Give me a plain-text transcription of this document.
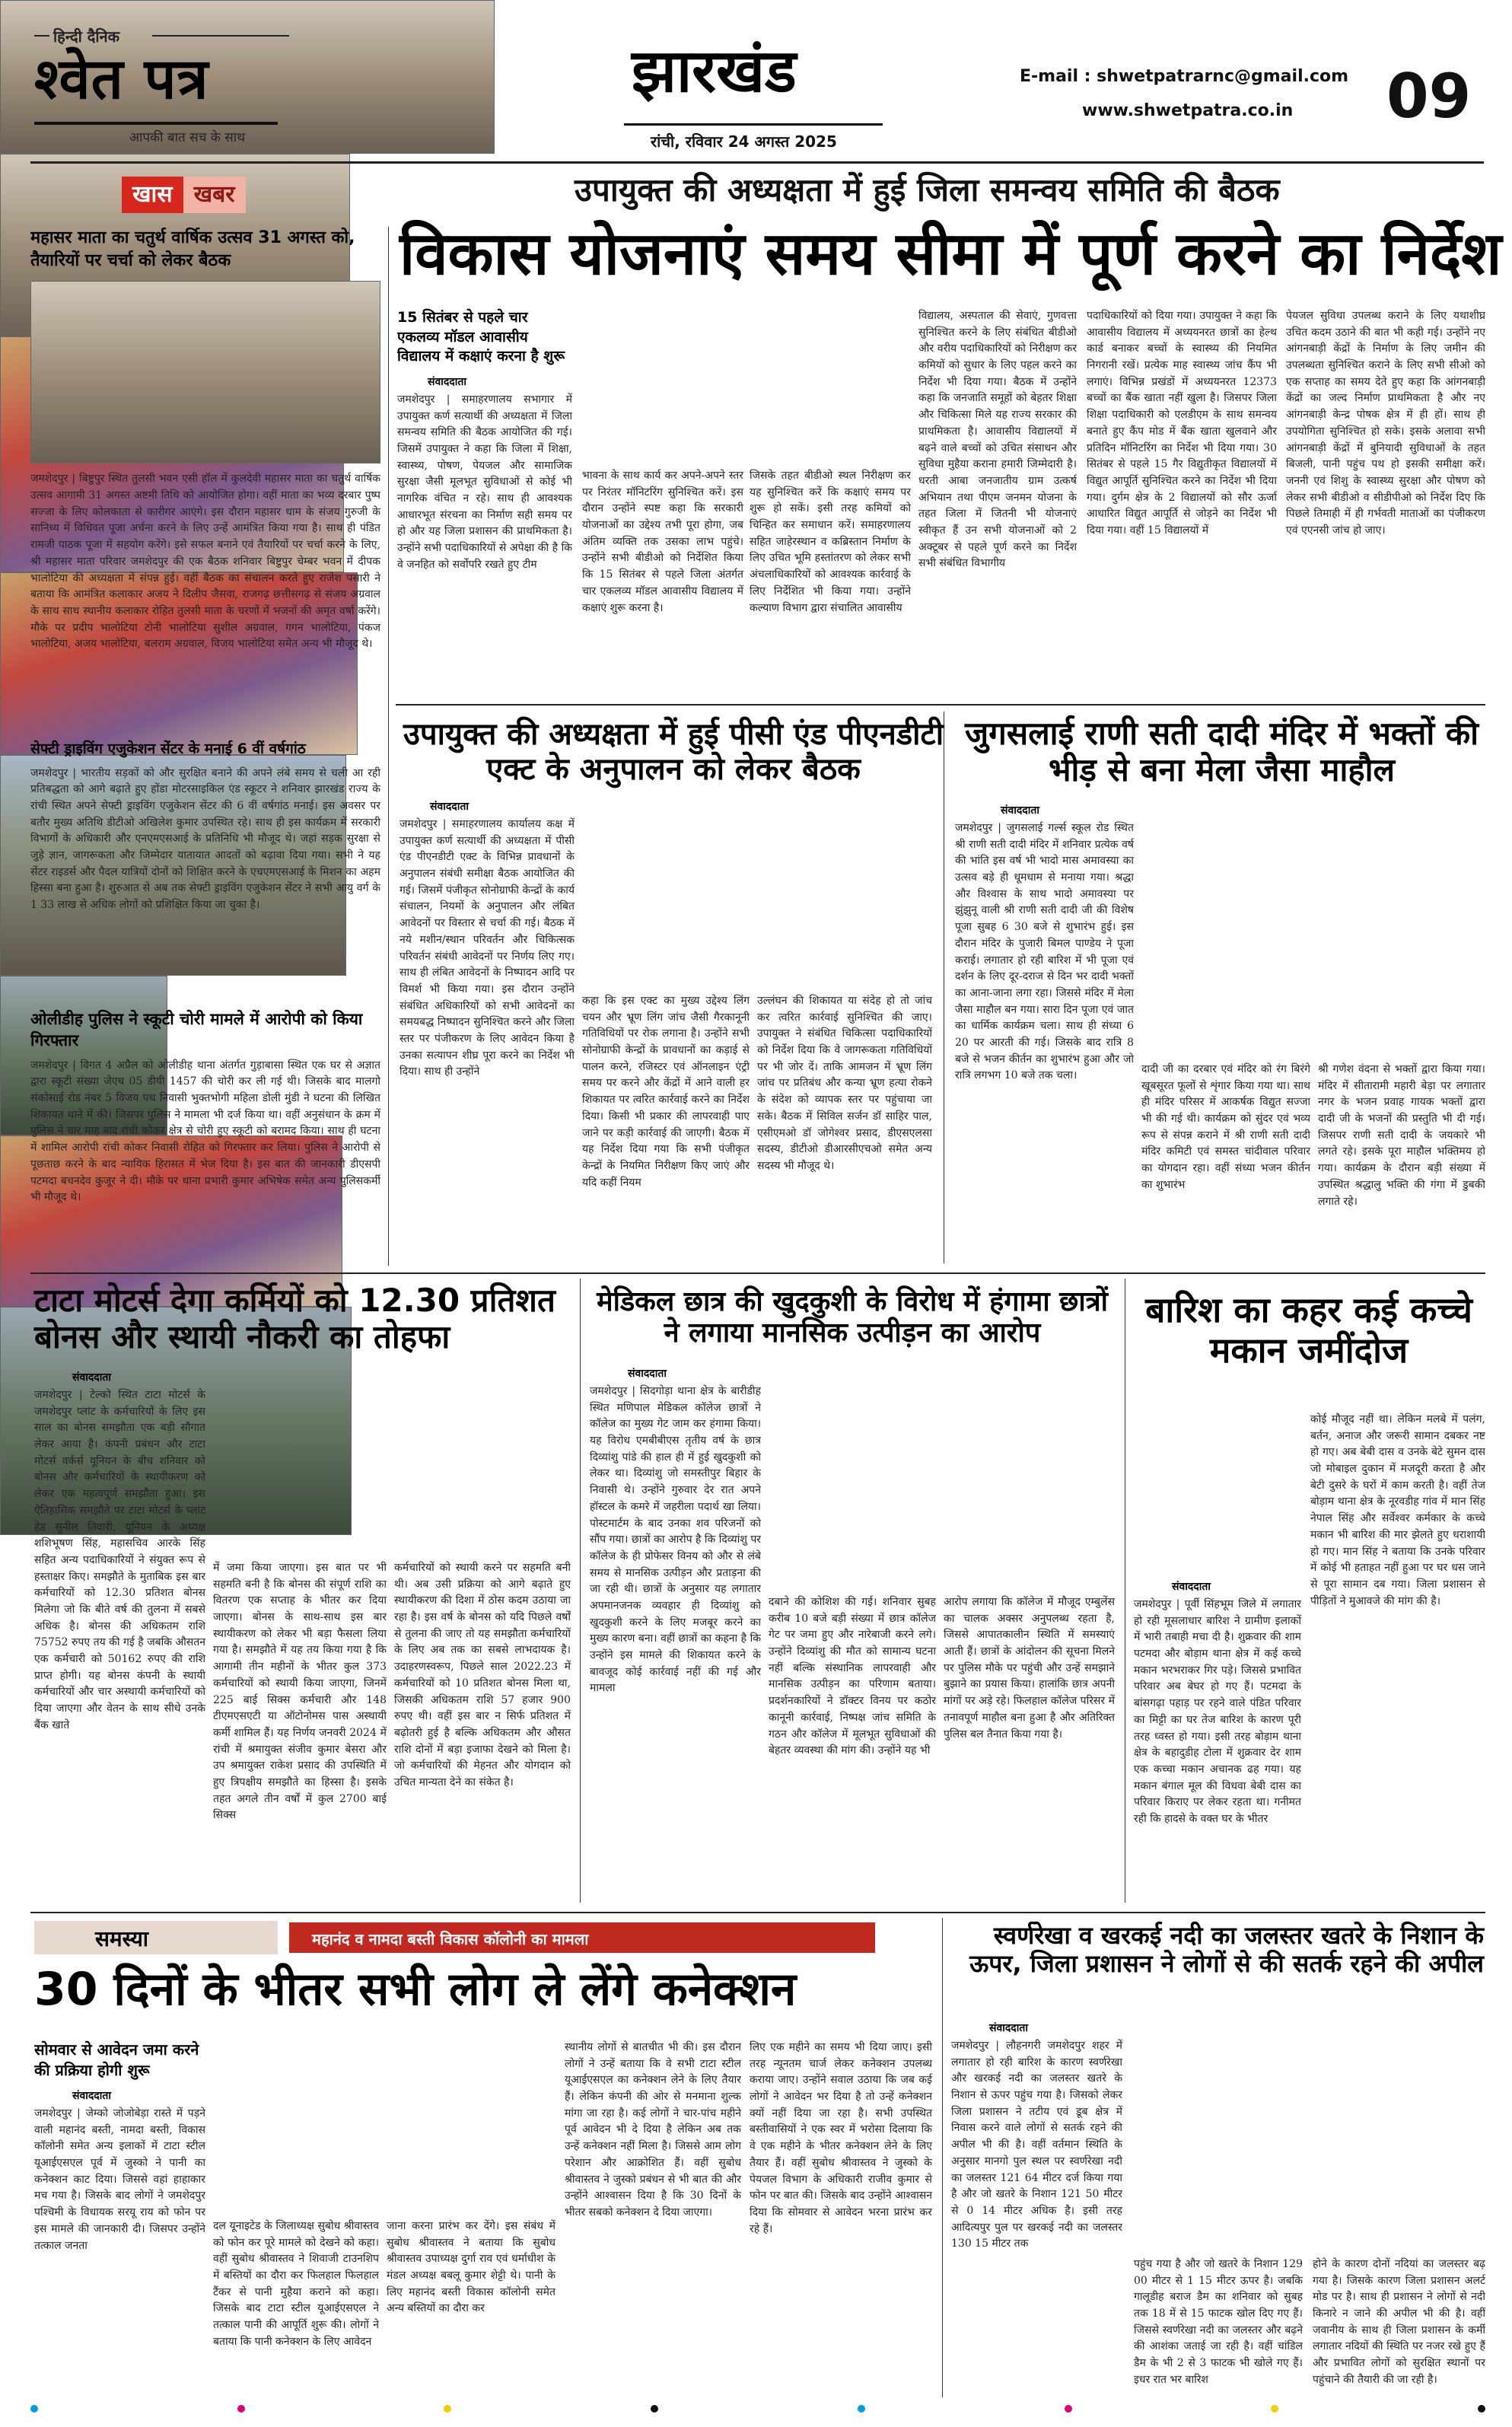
हिन्दी दैनिक
श्वेत पत्र
आपकी बात सच के साथ
झारखंड
रांची, रविवार 24 अगस्त 2025
E-mail : shwetpatrarnc@gmail.com
www.shwetpatra.co.in 09
खास खबर	उपायुक्त की अध्यक्षता में हुई जिला समन्वय समिति की बैठक
विकास योजनाएं समय सीमा में पूर्ण करने का निर्देश
महासर माता का चतुर्थ वार्षिक उत्सव 31 अगस्त को, तैयारियों पर चर्चा को लेकर बैठक
जमशेदपुर | बिष्टुपुर स्थित तुलसी भवन एसी हॉल में कुलदेवी महासर माता का चतुर्थ वार्षिक उत्सव आगामी 31 अगस्त अष्टमी तिथि को आयोजित होगा। वहीं माता का भव्य दरबार पुष्प सज्जा के लिए कोलकाता से कारीगर आएंगे। इस दौरान महासर धाम के संजय गुरुजी के सानिध्य में विधिवत पूजा अर्चना करने के लिए उन्हें आमंत्रित किया गया है। साथ ही पंडित रामजी पाठक पूजा में सहयोग करेंगे। इसे सफल बनाने एवं तैयारियों पर चर्चा करने के लिए, श्री महासर माता परिवार जमशेदपुर की एक बैठक शनिवार बिष्टुपुर चेम्बर भवन में दीपक भालोटिया की अध्यक्षता में संपन्न हुई। वहीं बैठक का संचालन करते हुए राजेश पसारी ने बताया कि आमंत्रित कलाकार अजय ने दिलीप जैसवा, राजगढ़ छत्तीसगढ़ से संजय अग्रवाल के साथ साथ स्थानीय कलाकार रोहित तुलसी माता के चरणों में भजनों की अमृत वर्षा करेंगे। मौके पर प्रदीप भालोटिया टोनी भालोटिया सुशील अग्रवाल, गगन भालोटिया, पंकज भालोटिया, अजय भालोटिया, बलराम अग्रवाल, विजय भालोटिया समेत अन्य भी मौजूद थे।
सेफ्टी ड्राइविंग एजुकेशन सेंटर के मनाई 6 वीं वर्षगांठ
जमशेदपुर | भारतीय सड़कों को और सुरक्षित बनाने की अपने लंबे समय से चली आ रही प्रतिबद्धता को आगे बढ़ाते हुए होंडा मोटरसाइकिल एंड स्कूटर ने शनिवार झारखंड राज्य के रांची स्थित अपने सेफ्टी ड्राइविंग एजुकेशन सेंटर की 6 वीं वर्षगांठ मनाई। इस अवसर पर बतौर मुख्य अतिथि डीटीओ अखिलेश कुमार उपस्थित रहे। साथ ही इस कार्यक्रम में सरकारी विभागों के अधिकारी और एनएमएसआई के प्रतिनिधि भी मौजूद थे। जहां सड़क सुरक्षा से जुड़े ज्ञान, जागरूकता और जिम्मेदार यातायात आदतों को बढ़ावा दिया गया। सभी ने यह सेंटर राइडर्स और पैदल यात्रियों दोनों को शिक्षित करने के एचएमएसआई के मिशन का अहम हिस्सा बना हुआ है। शुरुआत से अब तक सेफ्टी ड्राइविंग एजुकेशन सेंटर ने सभी आयु वर्ग के 1 33 लाख से अधिक लोगों को प्रशिक्षित किया जा चुका है।
ओलीडीह पुलिस ने स्कूटी चोरी मामले में आरोपी को किया गिरफ्तार
जमशेदपुर | विगत 4 अप्रैल को ओलीडीह थाना अंतर्गत गुड़ाबासा स्थित एक घर से अज्ञात द्वारा स्कूटी संख्या जेएच 05 डीयी 1457 की चोरी कर ली गई थी। जिसके बाद मालगो संकोसाई रोड नंबर 5 विजय पथ निवासी भुक्तभोगी महिला डोली मुंडी ने घटना की लिखित शिकायत थाने में की। जिसपर पुलिस ने मामला भी दर्ज किया था। वहीं अनुसंधान के क्रम में पुलिस ने चार माह बाद रांची कोकर क्षेत्र से चोरी हुए स्कूटी को बरामद किया। साथ ही घटना में शामिल आरोपी रांची कोकर निवासी रोहित को गिरफ्तार कर लिया। पुलिस ने आरोपी से पूछताछ करने के बाद न्यायिक हिरासत में भेज दिया है। इस बात की जानकारी डीएसपी पटमदा बचनदेव कुजूर ने दी। मौके पर थाना प्रभारी कुमार अभिषेक समेत अन्य पुलिसकर्मी भी मौजूद थे।
15 सितंबर से पहले चार एकलव्य मॉडल आवासीय विद्यालय में कक्षाएं करना है शुरू
संवाददाता
जमशेदपुर | समाहरणालय सभागार में उपायुक्त कर्ण सत्यार्थी की अध्यक्षता में जिला समन्वय समिति की बैठक आयोजित की गई। जिसमें उपायुक्त ने कहा कि जिला में शिक्षा, स्वास्थ्य, पोषण, पेयजल और सामाजिक सुरक्षा जैसी मूलभूत सुविधाओं से कोई भी नागरिक वंचित न रहे। साथ ही आवश्यक आधारभूत संरचना का निर्माण सही समय पर हो और यह जिला प्रशासन की प्राथमिकता है। उन्होंने सभी पदाधिकारियों से अपेक्षा की है कि वे जनहित को सर्वोपरि रखते हुए टीम
भावना के साथ कार्य कर अपने-अपने स्तर पर निरंतर मॉनिटरिंग सुनिश्चित करें। इस दौरान उन्होंने स्पष्ट कहा कि सरकारी योजनाओं का उद्देश्य तभी पूरा होगा, जब अंतिम व्यक्ति तक उसका लाभ पहुंचे। उन्होंने सभी बीडीओ को निर्देशित किया कि 15 सितंबर से पहले जिला अंतर्गत चार एकलव्य मॉडल आवासीय विद्यालय में कक्षाएं शुरू करना है।
जिसके तहत बीडीओ स्थल निरीक्षण कर यह सुनिश्चित करें कि कक्षाएं समय पर शुरू हो सकें। इसी तरह कमियों को चिन्हित कर समाधान करें। समाहरणालय सहित जाहेरस्थान व कब्रिस्तान निर्माण के लिए उचित भूमि हस्तांतरण को लेकर सभी अंचलाधिकारियों को आवश्यक कार्रवाई के लिए निर्देशित भी किया गया। उन्होंने कल्याण विभाग द्वारा संचालित आवासीय
विद्यालय, अस्पताल की सेवाएं, गुणवत्ता सुनिश्चित करने के लिए संबंधित बीडीओ और वरीय पदाधिकारियों को निरीक्षण कर कमियों को सुधार के लिए पहल करने का निर्देश भी दिया गया। बैठक में उन्होंने कहा कि जनजाति समूहों को बेहतर शिक्षा और चिकित्सा मिले यह राज्य सरकार की प्राथमिकता है। आवासीय विद्यालयों में बढ़ने वाले बच्चों को उचित संसाधन और सुविधा मुहैया कराना हमारी जिम्मेदारी है। धरती आबा जनजातीय ग्राम उत्कर्ष अभियान तथा पीएम जनमन योजना के तहत जिला में जितनी भी योजनाएं स्वीकृत हैं उन सभी योजनाओं को 2 अक्टूबर से पहले पूर्ण करने का निर्देश सभी संबंधित विभागीय
पदाधिकारियों को दिया गया। उपायुक्त ने कहा कि आवासीय विद्यालय में अध्ययनरत छात्रों का हेल्थ कार्ड बनाकर बच्चों के स्वास्थ्य की नियमित निगरानी रखें। प्रत्येक माह स्वास्थ्य जांच कैंप भी लगाएं। विभिन्न प्रखंडों में अध्ययनरत 12373 बच्चों का बैंक खाता नहीं खुला है। जिसपर जिला शिक्षा पदाधिकारी को एलडीएम के साथ समन्वय बनाते हुए कैंप मोड में बैंक खाता खुलवाने और प्रतिदिन मॉनिटरिंग का निर्देश भी दिया गया। 30 सितंबर से पहले 15 गैर विद्युतीकृत विद्यालयों में विद्युत आपूर्ति सुनिश्चित करने का निर्देश भी दिया गया। दुर्गम क्षेत्र के 2 विद्यालयों को सौर ऊर्जा आधारित विद्युत आपूर्ति से जोड़ने का निर्देश भी दिया गया। वहीं 15 विद्यालयों में
पेयजल सुविधा उपलब्ध कराने के लिए यथाशीघ्र उचित कदम उठाने की बात भी कही गई। उन्होंने नए आंगनबाड़ी केंद्रों के निर्माण के लिए जमीन की उपलब्धता सुनिश्चित कराने के लिए सभी सीओ को एक सप्ताह का समय देते हुए कहा कि आंगनबाड़ी केंद्रों का जल्द निर्माण प्राथमिकता है और नए आंगनबाड़ी केन्द्र पोषक क्षेत्र में ही हों। साथ ही उपयोगिता सुनिश्चित हो सके। इसके अलावा सभी आंगनबाड़ी केंद्रों में बुनियादी सुविधाओं के तहत बिजली, पानी पहुंच पथ हो इसकी समीक्षा करें। जननी एवं शिशु के स्वास्थ्य सुरक्षा और पोषण को लेकर सभी बीडीओ व सीडीपीओ को निर्देश दिए कि पिछले तिमाही में ही गर्भवती माताओं का पंजीकरण एवं एएनसी जांच हो जाए।
उपायुक्त की अध्यक्षता में हुई पीसी एंड पीएनडीटी एक्ट के अनुपालन को लेकर बैठक
संवाददाता
जमशेदपुर | समाहरणालय कार्यालय कक्ष में उपायुक्त कर्ण सत्यार्थी की अध्यक्षता में पीसी एंड पीएनडीटी एक्ट के विभिन्न प्रावधानों के अनुपालन संबंधी समीक्षा बैठक आयोजित की गई। जिसमें पंजीकृत सोनोग्राफी केन्द्रों के कार्य संचालन, नियमों के अनुपालन और लंबित आवेदनों पर विस्तार से चर्चा की गई। बैठक में नये मशीन/स्थान परिवर्तन और चिकित्सक परिवर्तन संबंधी आवेदनों पर निर्णय लिए गए। साथ ही लंबित आवेदनों के निष्पादन आदि पर विमर्श भी किया गया। इस दौरान उन्होंने संबंधित अधिकारियों को सभी आवेदनों का समयबद्ध निष्पादन सुनिश्चित करने और जिला स्तर पर पंजीकरण के लिए आवेदन किया है उनका सत्यापन शीघ्र पूरा करने का निर्देश भी दिया। साथ ही उन्होंने
कहा कि इस एक्ट का मुख्य उद्देश्य लिंग चयन और भ्रूण लिंग जांच जैसी गैरकानूनी गतिविधियों पर रोक लगाना है। उन्होंने सभी सोनोग्राफी केन्द्रों के प्रावधानों का कड़ाई से पालन करने, रजिस्टर एवं ऑनलाइन एंट्री समय पर करने और केंद्रों में आने वाली हर शिकायत पर त्वरित कार्रवाई करने का निर्देश दिया। किसी भी प्रकार की लापरवाही पाए जाने पर कड़ी कार्रवाई की जाएगी। बैठक में यह निर्देश दिया गया कि सभी पंजीकृत केन्द्रों के नियमित निरीक्षण किए जाएं और यदि कहीं नियम
उल्लंघन की शिकायत या संदेह हो तो जांच कर त्वरित कार्रवाई सुनिश्चित की जाए। उपायुक्त ने संबंधित चिकित्सा पदाधिकारियों को निर्देश दिया कि वे जागरूकता गतिविधियों पर भी जोर दें। ताकि आमजन में भ्रूण लिंग जांच पर प्रतिबंध और कन्या भ्रूण हत्या रोकने के संदेश को व्यापक स्तर पर पहुंचाया जा सके। बैठक में सिविल सर्जन डॉ साहिर पाल, एसीएमओ डॉ जोगेश्वर प्रसाद, डीएसएलसा सदस्य, डीटीओ डीआरसीएचओ समेत अन्य सदस्य भी मौजूद थे।
जुगसलाई राणी सती दादी मंदिर में भक्तों की भीड़ से बना मेला जैसा माहौल
संवाददाता
जमशेदपुर | जुगसलाई गर्ल्स स्कूल रोड स्थित श्री राणी सती दादी मंदिर में शनिवार प्रत्येक वर्ष की भांति इस वर्ष भी भादो मास अमावस्या का उत्सव बड़े ही धूमधाम से मनाया गया। श्रद्धा और विश्वास के साथ भादो अमावस्या पर झुंझुनू वाली श्री राणी सती दादी जी की विशेष पूजा सुबह 6 30 बजे से शुभारंभ हुई। इस दौरान मंदिर के पुजारी बिमल पाण्डेय ने पूजा कराई। लगातार हो रही बारिश में भी पूजा एवं दर्शन के लिए दूर-दराज से दिन भर दादी भक्तों का आना-जाना लगा रहा। जिससे मंदिर में मेला जैसा माहौल बन गया। सारा दिन पूजा एवं जात का धार्मिक कार्यक्रम चला। साथ ही संध्या 6 20 पर आरती की गई। जिसके बाद रात्रि 8 बजे से भजन कीर्तन का शुभारंभ हुआ और जो रात्रि लगभग 10 बजे तक चला।
दादी जी का दरबार एवं मंदिर को रंग बिरंगे खूबसूरत फूलों से शृंगार किया गया था। साथ ही मंदिर परिसर में आकर्षक विद्युत सज्जा भी की गई थी। कार्यक्रम को सुंदर एवं भव्य रूप से संपन्न कराने में श्री राणी सती दादी मंदिर कमिटी एवं समस्त चांदीवाल परिवार का योगदान रहा। वहीं संध्या भजन कीर्तन का शुभारंभ
श्री गणेश वंदना से भक्तों द्वारा किया गया। मंदिर में सीतारामी महारी बेड़ा पर लगातार नगर के भजन प्रवाह गायक भक्तों द्वारा दादी जी के भजनों की प्रस्तुति भी दी गई। जिसपर राणी सती दादी के जयकारे भी लगते रहे। इसके पूरा माहौल भक्तिमय हो गया। कार्यक्रम के दौरान बड़ी संख्या में उपस्थित श्रद्धालु भक्ति की गंगा में डुबकी लगाते रहे।
टाटा मोटर्स देगा कर्मियों को 12.30 प्रतिशत बोनस और स्थायी नौकरी का तोहफा
संवाददाता
जमशेदपुर | टेल्को स्थित टाटा मोटर्स के जमशेदपुर प्लांट के कर्मचारियों के लिए इस साल का बोनस समझौता एक बड़ी सौगात लेकर आया है। कंपनी प्रबंधन और टाटा मोटर्स वर्कर्स यूनियन के बीच शनिवार को बोनस और कर्मचारियों के स्थायीकरण को लेकर एक महत्वपूर्ण समझौता हुआ। इस ऐतिहासिक समझौते पर टाटा मोटर्स के प्लांट हेड सुनील तिवारी, यूनियन के अध्यक्ष शशिभूषण सिंह, महासचिव आरके सिंह सहित अन्य पदाधिकारियों ने संयुक्त रूप से हस्ताक्षर किए। समझौते के मुताबिक इस बार कर्मचारियों को 12.30 प्रतिशत बोनस मिलेगा जो कि बीते वर्ष की तुलना में सबसे अधिक है। बोनस की अधिकतम राशि 75752 रुपए तय की गई है जबकि औसतन एक कर्मचारी को 50162 रुपए की राशि प्राप्त होगी। यह बोनस कंपनी के स्थायी कर्मचारियों और चार अस्थायी कर्मचारियों को दिया जाएगा और वेतन के साथ सीधे उनके बैंक खाते
में जमा किया जाएगा। इस बात पर भी सहमति बनी है कि बोनस की संपूर्ण राशि का वितरण एक सप्ताह के भीतर कर दिया जाएगा। बोनस के साथ-साथ इस बार स्थायीकरण को लेकर भी बड़ा फैसला लिया गया है। समझौते में यह तय किया गया है कि आगामी तीन महीनों के भीतर कुल 373 कर्मचारियों को स्थायी किया जाएगा, जिनमें 225 बाई सिक्स कर्मचारी और 148 टीएमएसएटी या ऑटोनोमस पास अस्थायी कर्मी शामिल हैं। यह निर्णय जनवरी 2024 में रांची में श्रमायुक्त संजीव कुमार बेसरा और उप श्रमायुक्त राकेश प्रसाद की उपस्थिति में हुए त्रिपक्षीय समझौते का हिस्सा है। इसके तहत अगले तीन वर्षों में कुल 2700 बाई सिक्स
कर्मचारियों को स्थायी करने पर सहमति बनी थी। अब उसी प्रक्रिया को आगे बढ़ाते हुए स्थायीकरण की दिशा में ठोस कदम उठाया जा रहा है। इस वर्ष के बोनस को यदि पिछले वर्षों से तुलना की जाए तो यह समझौता कर्मचारियों के लिए अब तक का सबसे लाभदायक है। उदाहरणस्वरूप, पिछले साल 2022.23 में कर्मचारियों को 10 प्रतिशत बोनस मिला था, जिसकी अधिकतम राशि 57 हजार 900 रुपए थी। वहीं इस बार न सिर्फ प्रतिशत में बढ़ोतरी हुई है बल्कि अधिकतम और औसत राशि दोनों में बड़ा इजाफा देखने को मिला है। जो कर्मचारियों की मेहनत और योगदान को उचित मान्यता देने का संकेत है।
मेडिकल छात्र की खुदकुशी के विरोध में हंगामा छात्रों ने लगाया मानसिक उत्पीड़न का आरोप
संवाददाता
जमशेदपुर | सिदगोड़ा थाना क्षेत्र के बारीडीह स्थित मणिपाल मेडिकल कॉलेज छात्रों ने कॉलेज का मुख्य गेट जाम कर हंगामा किया। यह विरोध एमबीबीएस तृतीय वर्ष के छात्र दिव्यांशु पांडे की हाल ही में हुई खुदकुशी को लेकर था। दिव्यांशु जो समस्तीपुर बिहार के निवासी थे। उन्होंने गुरुवार देर रात अपने हॉस्टल के कमरे में जहरीला पदार्थ खा लिया। पोस्टमार्टम के बाद उनका शव परिजनों को सौंप गया। छात्रों का आरोप है कि दिव्यांशु पर कॉलेज के ही प्रोफेसर विनय को और से लंबे समय से मानसिक उत्पीड़न और प्रताड़ना की जा रही थी। छात्रों के अनुसार यह लगातार अपमानजनक व्यवहार ही दिव्यांशु को खुदकुशी करने के लिए मजबूर करने का मुख्य कारण बना। वहीं छात्रों का कहना है कि उन्होंने इस मामले की शिकायत करने के बावजूद कोई कार्रवाई नहीं की गई और मामला
दबाने की कोशिश की गई। शनिवार सुबह करीब 10 बजे बड़ी संख्या में छात्र कॉलेज गेट पर जमा हुए और नारेबाजी करने लगे। उन्होंने दिव्यांशु की मौत को सामान्य घटना नहीं बल्कि संस्थानिक लापरवाही और मानसिक उत्पीड़न का परिणाम बताया। प्रदर्शनकारियों ने डॉक्टर विनय पर कठोर कानूनी कार्रवाई, निष्पक्ष जांच समिति के गठन और कॉलेज में मूलभूत सुविधाओं की बेहतर व्यवस्था की मांग की। उन्होंने यह भी
आरोप लगाया कि कॉलेज में मौजूद एम्बुलेंस का चालक अक्सर अनुपलब्ध रहता है, जिससे आपातकालीन स्थिति में समस्याएं आती हैं। छात्रों के आंदोलन की सूचना मिलने पर पुलिस मौके पर पहुंची और उन्हें समझाने बुझाने का प्रयास किया। हालांकि छात्र अपनी मांगों पर अड़े रहे। फिलहाल कॉलेज परिसर में तनावपूर्ण माहौल बना हुआ है और अतिरिक्त पुलिस बल तैनात किया गया है।
बारिश का कहर कई कच्चे मकान जमींदोज
कोई मौजूद नहीं था। लेकिन मलबे में पलंग, बर्तन, अनाज और जरूरी सामान दबकर नष्ट हो गए। अब बेबी दास व उनके बेटे सुमन दास जो मोबाइल दुकान में मजदूरी करता है और बेटी दुसरे के घरों में काम करती है। वहीं तेज बोड़ाम थाना क्षेत्र के नूरवडीह गांव में मान सिंह नेपाल सिंह और सर्वेश्वर कर्मकार के कच्चे मकान भी बारिश की मार झेलते हुए धराशायी हो गए। मान सिंह ने बताया कि उनके परिवार में कोई भी हताहत नहीं हुआ पर घर धस जाने से पूरा सामान दब गया। जिला प्रशासन से पीड़ितों ने मुआवजे की मांग की है।
संवाददाता
जमशेदपुर | पूर्वी सिंहभूम जिले में लगातार हो रही मूसलाधार बारिश ने ग्रामीण इलाकों में भारी तबाही मचा दी है। शुक्रवार की शाम पटमदा और बोड़ाम थाना क्षेत्र में कई कच्चे मकान भरभराकर गिर पड़े। जिससे प्रभावित परिवार अब बेघर हो गए हैं। पटमदा के बांसगढ़ा पहाड़ पर रहने वाले पंडित परिवार का मिट्टी का घर तेज बारिश के कारण पूरी तरह ध्वस्त हो गया। इसी तरह बोड़ाम थाना क्षेत्र के बहादुडीह टोला में शुक्रवार देर शाम एक कच्चा मकान अचानक ढह गया। यह मकान बंगाल मूल की विधवा बेबी दास का परिवार किराए पर लेकर रहता था। गनीमत रही कि हादसे के वक्त घर के भीतर
समस्या	महानंद व नामदा बस्ती विकास कॉलोनी का मामला
30 दिनों के भीतर सभी लोग ले लेंगे कनेक्शन
सोमवार से आवेदन जमा करने की प्रक्रिया होगी शुरू
संवाददाता
जमशेदपुर | जेम्को जोजोबेड़ा रास्ते में पड़ने वाली महानंद बस्ती, नामदा बस्ती, विकास कॉलोनी समेत अन्य इलाकों में टाटा स्टील यूआईएसएल पूर्व में जुस्को ने पानी का कनेक्शन काट दिया। जिससे वहां हाहाकार मच गया है। जिसके बाद लोगों ने जमशेदपुर पश्चिमी के विधायक सरयू राय को फोन पर इस मामले की जानकारी दी। जिसपर उन्होंने तत्काल जनता
दल यूनाइटेड के जिलाध्यक्ष सुबोध श्रीवास्तव को फोन कर पूरे मामले को देखने को कहा। वहीं सुबोध श्रीवास्तव ने शिवाजी टाउनशिप में बस्तियों का दौरा कर फिलहाल फिलहाल टैंकर से पानी मुहैया कराने को कहा। जिसके बाद टाटा स्टील यूआईएसएल ने तत्काल पानी की आपूर्ति शुरू की। लोगों ने बताया कि पानी कनेक्शन के लिए आवेदन
जाना करना प्रारंभ कर देंगे। इस संबंध में सुबोध श्रीवास्तव ने बताया कि सुबोध श्रीवास्तव उपाध्यक्ष दुर्गा राव एवं धर्माधीश के मंडल अध्यक्ष बबलू कुमार शेट्टी थे। पानी के लिए महानंद बस्ती विकास कॉलोनी समेत अन्य बस्तियों का दौरा कर
स्थानीय लोगों से बातचीत भी की। इस दौरान लोगों ने उन्हें बताया कि वे सभी टाटा स्टील यूआईएसएल का कनेक्शन लेने के लिए तैयार हैं। लेकिन कंपनी की ओर से मनमाना शुल्क मांगा जा रहा है। कई लोगों ने चार-पांच महीने पूर्व आवेदन भी दे दिया है लेकिन अब तक उन्हें कनेक्शन नहीं मिला है। जिससे आम लोग परेशान और आक्रोशित हैं। वहीं सुबोध श्रीवास्तव ने जुस्को प्रबंधन से भी बात की और उन्होंने आश्वासन दिया है कि 30 दिनों के भीतर सबको कनेक्शन दे दिया जाएगा।
लिए एक महीने का समय भी दिया जाए। इसी तरह न्यूनतम चार्ज लेकर कनेक्शन उपलब्ध कराया जाए। उन्होंने सवाल उठाया कि जब कई लोगों ने आवेदन भर दिया है तो उन्हें कनेक्शन क्यों नहीं दिया जा रहा है। सभी उपस्थित बस्तीवासियों ने एक स्वर में भरोसा दिलाया कि वे एक महीने के भीतर कनेक्शन लेने के लिए तैयार हैं। वहीं सुबोध श्रीवास्तव ने जुस्को के पेयजल विभाग के अधिकारी राजीव कुमार से फोन पर बात की। जिसके बाद उन्होंने आश्वासन दिया कि सोमवार से आवेदन भरना प्रारंभ कर रहे हैं।
स्वर्णरेखा व खरकई नदी का जलस्तर खतरे के निशान के ऊपर, जिला प्रशासन ने लोगों से की सतर्क रहने की अपील
संवाददाता
जमशेदपुर | लौहनगरी जमशेदपुर शहर में लगातार हो रही बारिश के कारण स्वर्णरेखा और खरकई नदी का जलस्तर खतरे के निशान से ऊपर पहुंच गया है। जिसको लेकर जिला प्रशासन ने तटीय एवं डूब क्षेत्र में निवास करने वाले लोगों से सतर्क रहने की अपील भी की है। वहीं वर्तमान स्थिति के अनुसार मानगो पुल स्थल पर स्वर्णरेखा नदी का जलस्तर 121 64 मीटर दर्ज किया गया है और जो खतरे के निशान 121 50 मीटर से 0 14 मीटर अधिक है। इसी तरह आदित्यपुर पुल पर खरकई नदी का जलस्तर 130 15 मीटर तक
पहुंच गया है और जो खतरे के निशान 129 00 मीटर से 1 15 मीटर ऊपर है। जबकि गालूडीह बराज डैम का शनिवार को सुबह तक 18 में से 15 फाटक खोल दिए गए हैं। जिससे स्वर्णरेखा नदी का जलस्तर और बढ़ने की आशंका जताई जा रही है। वहीं चांडिल डैम के भी 2 से 3 फाटक भी खोले गए हैं। इधर रात भर बारिश
होने के कारण दोनों नदियां का जलस्तर बढ़ गया है। जिसके कारण जिला प्रशासन अलर्ट मोड पर है। साथ ही प्रशासन ने लोगों से नदी किनारे न जाने की अपील भी की है। वहीं जवानीय के साथ ही जिला प्रशासन के कर्मी लगातार नदियों की स्थिति पर नजर रखे हुए हैं और प्रभावित लोगों को सुरक्षित स्थानों पर पहुंचाने की तैयारी की जा रही है।
